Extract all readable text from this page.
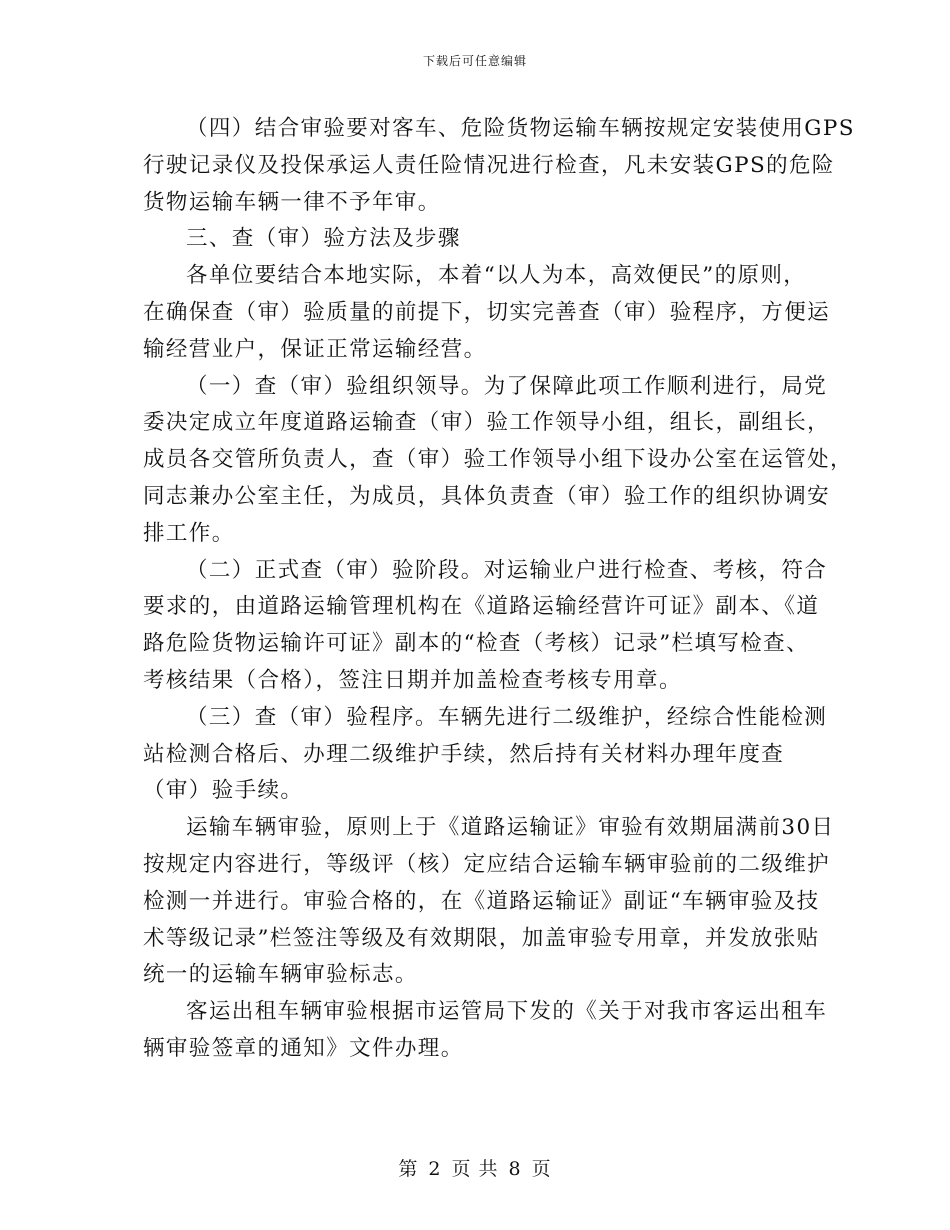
下载后可任意编辑

（四）结合审验要对客车、危险货物运输车辆按规定安装使用GPS
行驶记录仪及投保承运人责任险情况进行检查，凡未安装GPS的危险
货物运输车辆一律不予年审。

三、查（审）验方法及步骤

各单位要结合本地实际，本着“以人为本，高效便民”的原则，
在确保查（审）验质量的前提下，切实完善查（审）验程序，方便运
输经营业户，保证正常运输经营。

（一）查（审）验组织领导。为了保障此项工作顺利进行，局党
委决定成立年度道路运输查（审）验工作领导小组，组长，副组长，
成员各交管所负责人，查（审）验工作领导小组下设办公室在运管处，
同志兼办公室主任，为成员，具体负责查（审）验工作的组织协调安
排工作。

（二）正式查（审）验阶段。对运输业户进行检查、考核，符合
要求的，由道路运输管理机构在《道路运输经营许可证》副本、《道
路危险货物运输许可证》副本的“检查（考核）记录”栏填写检查、
考核结果（合格），签注日期并加盖检查考核专用章。

（三）查（审）验程序。车辆先进行二级维护，经综合性能检测
站检测合格后、办理二级维护手续，然后持有关材料办理年度查
（审）验手续。

运输车辆审验，原则上于《道路运输证》审验有效期届满前30日
按规定内容进行，等级评（核）定应结合运输车辆审验前的二级维护
检测一并进行。审验合格的，在《道路运输证》副证“车辆审验及技
术等级记录”栏签注等级及有效期限，加盖审验专用章，并发放张贴
统一的运输车辆审验标志。

客运出租车辆审验根据市运管局下发的《关于对我市客运出租车
辆审验签章的通知》文件办理。

第 2 页 共 8 页
